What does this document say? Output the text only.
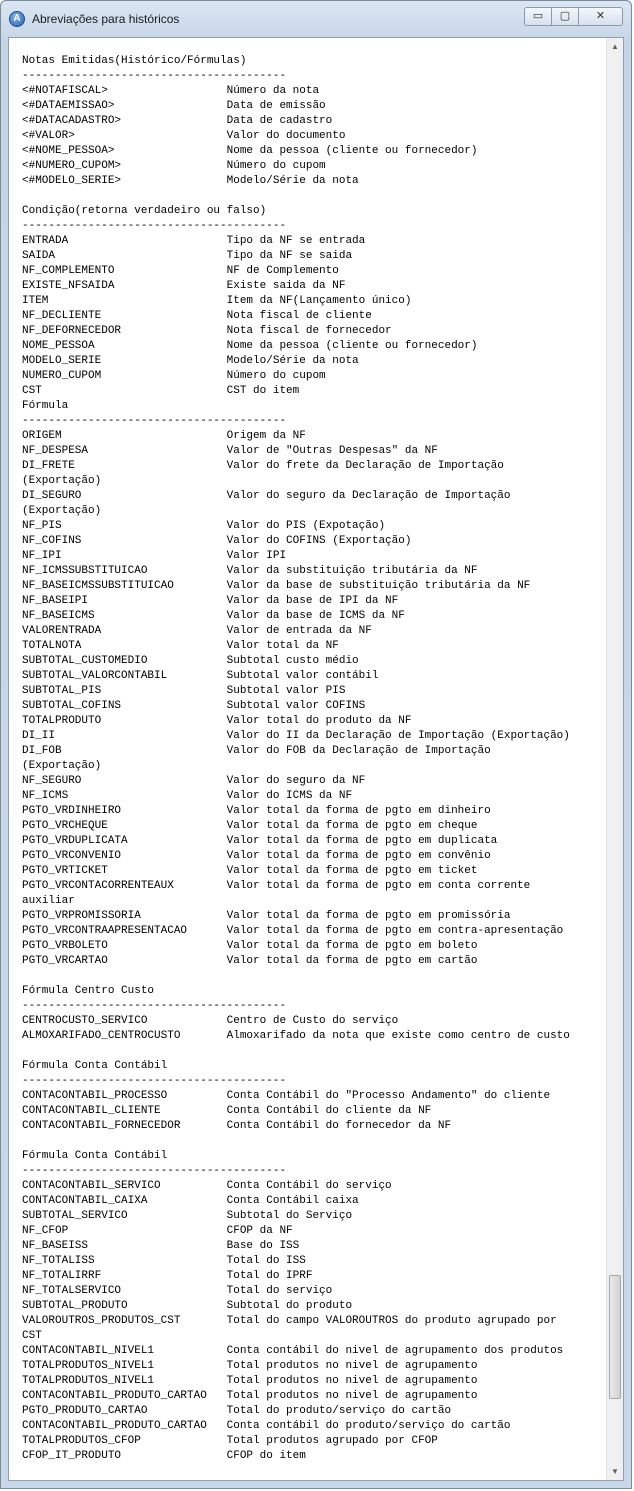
A Abreviações para históricos	▭	▢	✕
Notas Emitidas(Histórico/Fórmulas)
----------------------------------------
<#NOTAFISCAL>                  Número da nota
<#DATAEMISSAO>                 Data de emissão
<#DATACADASTRO>                Data de cadastro
<#VALOR>                       Valor do documento
<#NOME_PESSOA>                 Nome da pessoa (cliente ou fornecedor)
<#NUMERO_CUPOM>                Número do cupom
<#MODELO_SERIE>                Modelo/Série da nota
Condição(retorna verdadeiro ou falso)
----------------------------------------
ENTRADA                        Tipo da NF se entrada
SAIDA                          Tipo da NF se saida
NF_COMPLEMENTO                 NF de Complemento
EXISTE_NFSAIDA                 Existe saida da NF
ITEM                           Item da NF(Lançamento único)
NF_DECLIENTE                   Nota fiscal de cliente
NF_DEFORNECEDOR                Nota fiscal de fornecedor
NOME_PESSOA                    Nome da pessoa (cliente ou fornecedor)
MODELO_SERIE                   Modelo/Série da nota
NUMERO_CUPOM                   Número do cupom
CST                            CST do item
Fórmula
----------------------------------------
ORIGEM                         Origem da NF
NF_DESPESA                     Valor de "Outras Despesas" da NF
DI_FRETE                       Valor do frete da Declaração de Importação
(Exportação)
DI_SEGURO                      Valor do seguro da Declaração de Importação
(Exportação)
NF_PIS                         Valor do PIS (Expotação)
NF_COFINS                      Valor do COFINS (Exportação)
NF_IPI                         Valor IPI
NF_ICMSSUBSTITUICAO            Valor da substituição tributária da NF
NF_BASEICMSSUBSTITUICAO        Valor da base de substituição tributária da NF
NF_BASEIPI                     Valor da base de IPI da NF
NF_BASEICMS                    Valor da base de ICMS da NF
VALORENTRADA                   Valor de entrada da NF
TOTALNOTA                      Valor total da NF
SUBTOTAL_CUSTOMEDIO            Subtotal custo médio
SUBTOTAL_VALORCONTABIL         Subtotal valor contábil
SUBTOTAL_PIS                   Subtotal valor PIS
SUBTOTAL_COFINS                Subtotal valor COFINS
TOTALPRODUTO                   Valor total do produto da NF
DI_II                          Valor do II da Declaração de Importação (Exportação)
DI_FOB                         Valor do FOB da Declaração de Importação
(Exportação)
NF_SEGURO                      Valor do seguro da NF
NF_ICMS                        Valor do ICMS da NF
PGTO_VRDINHEIRO                Valor total da forma de pgto em dinheiro
PGTO_VRCHEQUE                  Valor total da forma de pgto em cheque
PGTO_VRDUPLICATA               Valor total da forma de pgto em duplicata
PGTO_VRCONVENIO                Valor total da forma de pgto em convênio
PGTO_VRTICKET                  Valor total da forma de pgto em ticket
PGTO_VRCONTACORRENTEAUX        Valor total da forma de pgto em conta corrente
auxiliar
PGTO_VRPROMISSORIA             Valor total da forma de pgto em promissória
PGTO_VRCONTRAAPRESENTACAO      Valor total da forma de pgto em contra-apresentação
PGTO_VRBOLETO                  Valor total da forma de pgto em boleto
PGTO_VRCARTAO                  Valor total da forma de pgto em cartão
Fórmula Centro Custo
----------------------------------------
CENTROCUSTO_SERVICO            Centro de Custo do serviço
ALMOXARIFADO_CENTROCUSTO       Almoxarifado da nota que existe como centro de custo
Fórmula Conta Contábil
----------------------------------------
CONTACONTABIL_PROCESSO         Conta Contábil do "Processo Andamento" do cliente
CONTACONTABIL_CLIENTE          Conta Contábil do cliente da NF
CONTACONTABIL_FORNECEDOR       Conta Contábil do fornecedor da NF
Fórmula Conta Contábil
----------------------------------------
CONTACONTABIL_SERVICO          Conta Contábil do serviço
CONTACONTABIL_CAIXA            Conta Contábil caixa
SUBTOTAL_SERVICO               Subtotal do Serviço
NF_CFOP                        CFOP da NF
NF_BASEISS                     Base do ISS
NF_TOTALISS                    Total do ISS
NF_TOTALIRRF                   Total do IPRF
NF_TOTALSERVICO                Total do serviço
SUBTOTAL_PRODUTO               Subtotal do produto
VALOROUTROS_PRODUTOS_CST       Total do campo VALOROUTROS do produto agrupado por
CST
CONTACONTABIL_NIVEL1           Conta contábil do nivel de agrupamento dos produtos
TOTALPRODUTOS_NIVEL1           Total produtos no nivel de agrupamento
TOTALPRODUTOS_NIVEL1           Total produtos no nivel de agrupamento
CONTACONTABIL_PRODUTO_CARTAO   Total produtos no nivel de agrupamento
PGTO_PRODUTO_CARTAO            Total do produto/serviço do cartão
CONTACONTABIL_PRODUTO_CARTAO   Conta contábil do produto/serviço do cartão
TOTALPRODUTOS_CFOP             Total produtos agrupado por CFOP
CFOP_IT_PRODUTO                CFOP do item
▲
▼
